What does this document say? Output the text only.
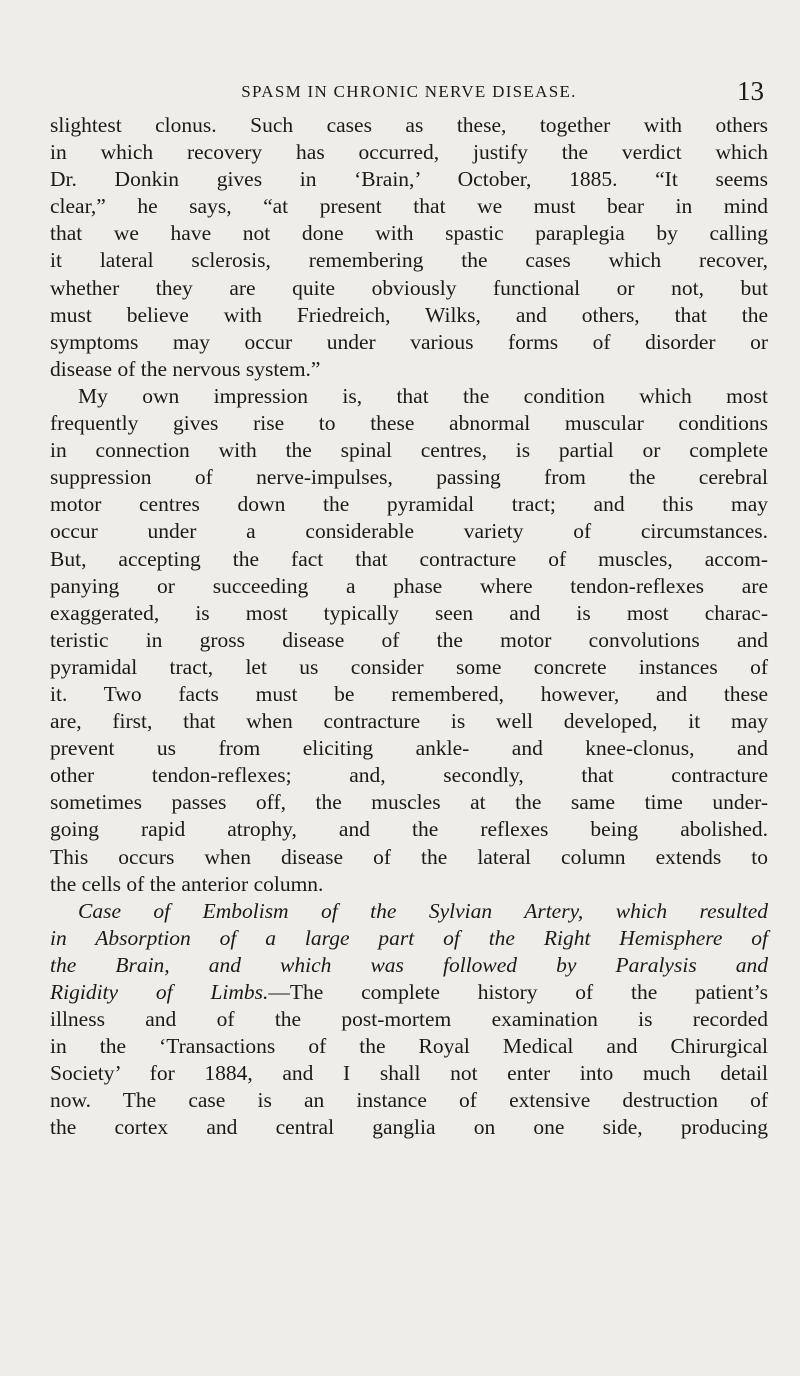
SPASM IN CHRONIC NERVE DISEASE.	13
slightest clonus. Such cases as these, together with others
in which recovery has occurred, justify the verdict which
Dr. Donkin gives in ‘Brain,’ October, 1885. “It seems
clear,” he says, “at present that we must bear in mind
that we have not done with spastic paraplegia by calling
it lateral sclerosis, remembering the cases which recover,
whether they are quite obviously functional or not, but
must believe with Friedreich, Wilks, and others, that the
symptoms may occur under various forms of disorder or
disease of the nervous system.”
My own impression is, that the condition which most
frequently gives rise to these abnormal muscular conditions
in connection with the spinal centres, is partial or complete
suppression of nerve-impulses, passing from the cerebral
motor centres down the pyramidal tract; and this may
occur under a considerable variety of circumstances.
But, accepting the fact that contracture of muscles, accom-
panying or succeeding a phase where tendon-reflexes are
exaggerated, is most typically seen and is most charac-
teristic in gross disease of the motor convolutions and
pyramidal tract, let us consider some concrete instances of
it. Two facts must be remembered, however, and these
are, first, that when contracture is well developed, it may
prevent us from eliciting ankle- and knee-clonus, and
other tendon-reflexes; and, secondly, that contracture
sometimes passes off, the muscles at the same time under-
going rapid atrophy, and the reflexes being abolished.
This occurs when disease of the lateral column extends to
the cells of the anterior column.
Case of Embolism of the Sylvian Artery, which resulted
in Absorption of a large part of the Right Hemisphere of
the Brain, and which was followed by Paralysis and
Rigidity of Limbs.—The complete history of the patient’s
illness and of the post-mortem examination is recorded
in the ‘Transactions of the Royal Medical and Chirurgical
Society’ for 1884, and I shall not enter into much detail
now. The case is an instance of extensive destruction of
the cortex and central ganglia on one side, producing
